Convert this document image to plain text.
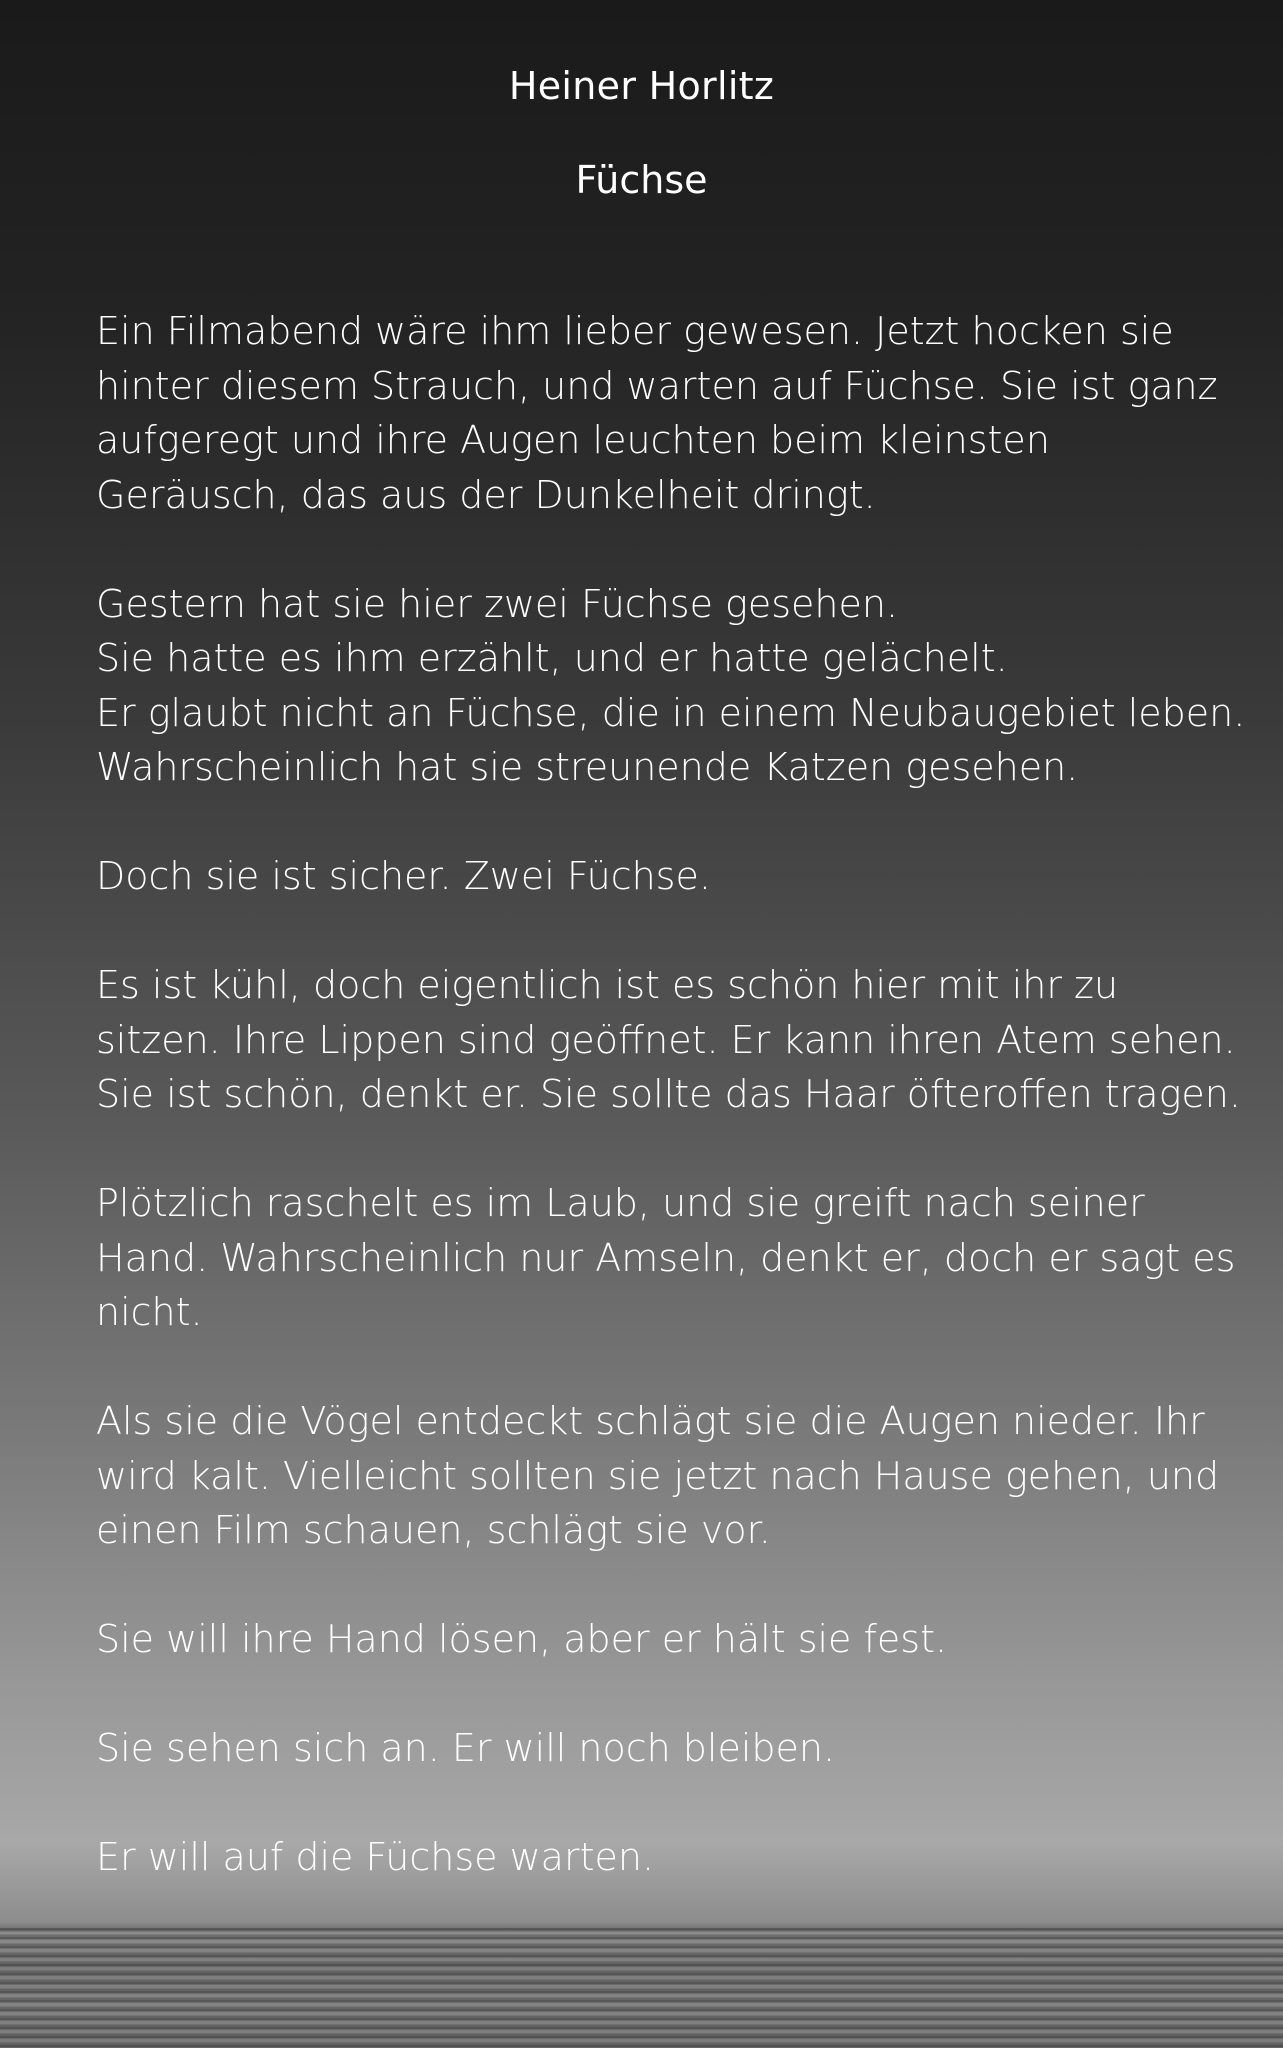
Heiner Horlitz
Füchse

Ein Filmabend wäre ihm lieber gewesen. Jetzt hocken sie
hinter diesem Strauch, und warten auf Füchse. Sie ist ganz
aufgeregt und ihre Augen leuchten beim kleinsten
Geräusch, das aus der Dunkelheit dringt.

Gestern hat sie hier zwei Füchse gesehen.
Sie hatte es ihm erzählt, und er hatte gelächelt.
Er glaubt nicht an Füchse, die in einem Neubaugebiet leben.
Wahrscheinlich hat sie streunende Katzen gesehen.

Doch sie ist sicher. Zwei Füchse.

Es ist kühl, doch eigentlich ist es schön hier mit ihr zu
sitzen. Ihre Lippen sind geöffnet. Er kann ihren Atem sehen.
Sie ist schön, denkt er. Sie sollte das Haar öfteroffen tragen.

Plötzlich raschelt es im Laub, und sie greift nach seiner
Hand. Wahrscheinlich nur Amseln, denkt er, doch er sagt es
nicht.

Als sie die Vögel entdeckt schlägt sie die Augen nieder. Ihr
wird kalt. Vielleicht sollten sie jetzt nach Hause gehen, und
einen Film schauen, schlägt sie vor.

Sie will ihre Hand lösen, aber er hält sie fest.

Sie sehen sich an. Er will noch bleiben.

Er will auf die Füchse warten.
